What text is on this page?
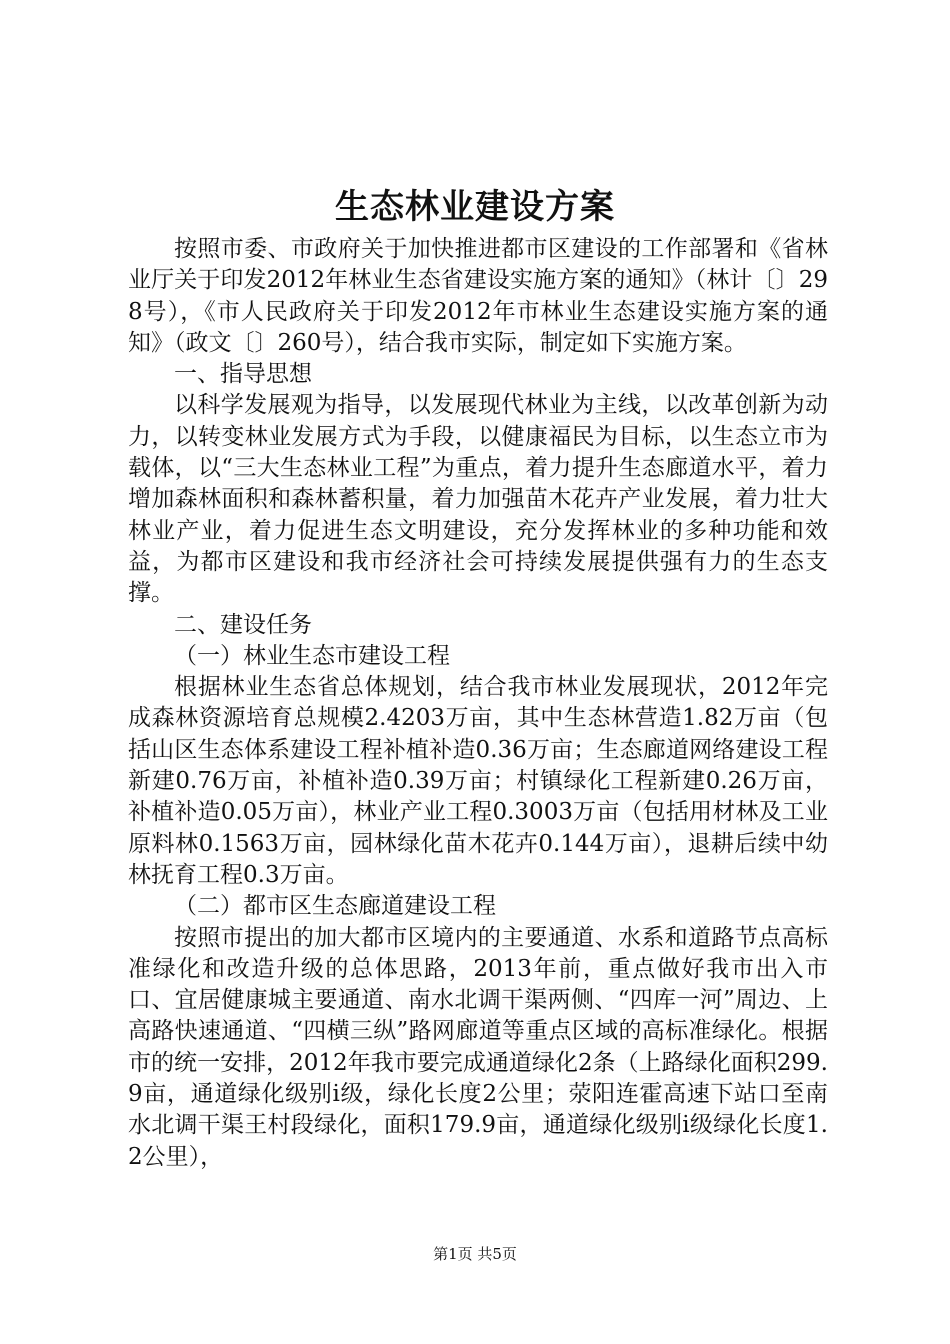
生态林业建设方案

按照市委、市政府关于加快推进都市区建设的工作部署和《省林业厅关于印发2012年林业生态省建设实施方案的通知》（林计〔〕298号），《市人民政府关于印发2012年市林业生态建设实施方案的通知》（政文〔〕260号），结合我市实际，制定如下实施方案。

一、指导思想

以科学发展观为指导，以发展现代林业为主线，以改革创新为动力，以转变林业发展方式为手段，以健康福民为目标，以生态立市为载体，以“三大生态林业工程”为重点，着力提升生态廊道水平，着力增加森林面积和森林蓄积量，着力加强苗木花卉产业发展，着力壮大林业产业，着力促进生态文明建设，充分发挥林业的多种功能和效益，为都市区建设和我市经济社会可持续发展提供强有力的生态支撑。

二、建设任务

（一）林业生态市建设工程

根据林业生态省总体规划，结合我市林业发展现状，2012年完成森林资源培育总规模2.4203万亩，其中生态林营造1.82万亩（包括山区生态体系建设工程补植补造0.36万亩；生态廊道网络建设工程新建0.76万亩，补植补造0.39万亩；村镇绿化工程新建0.26万亩，补植补造0.05万亩），林业产业工程0.3003万亩（包括用材林及工业原料林0.1563万亩，园林绿化苗木花卉0.144万亩），退耕后续中幼林抚育工程0.3万亩。

（二）都市区生态廊道建设工程

按照市提出的加大都市区境内的主要通道、水系和道路节点高标准绿化和改造升级的总体思路，2013年前，重点做好我市出入市口、宜居健康城主要通道、南水北调干渠两侧、“四库一河”周边、上高路快速通道、“四横三纵”路网廊道等重点区域的高标准绿化。根据市的统一安排，2012年我市要完成通道绿化2条（上路绿化面积299.9亩，通道绿化级别ⅰ级，绿化长度2公里；荥阳连霍高速下站口至南水北调干渠王村段绿化，面积179.9亩，通道绿化级别ⅰ级绿化长度1.2公里），

第1页 共5页
